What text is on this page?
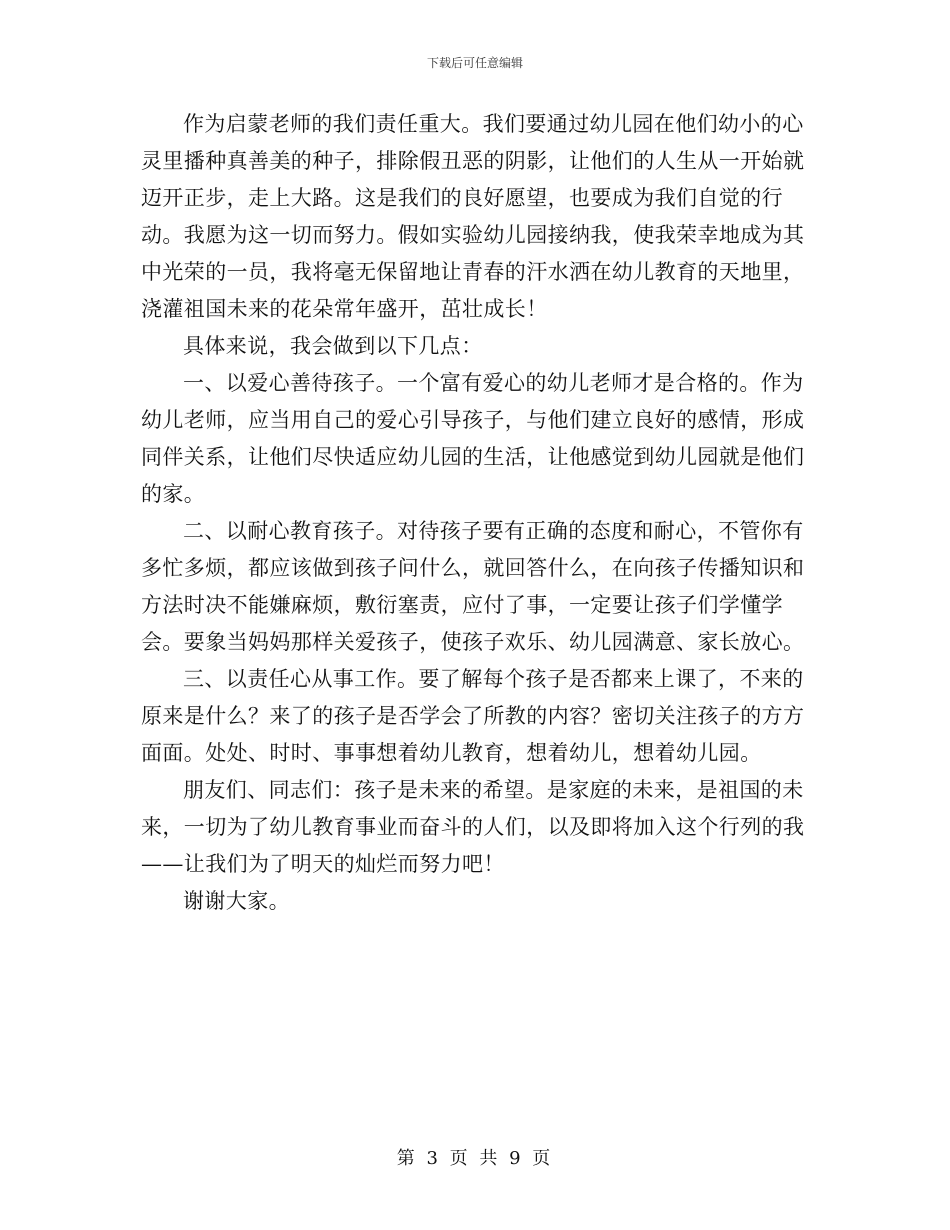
下载后可任意编辑

作为启蒙老师的我们责任重大。我们要通过幼儿园在他们幼小的心灵里播种真善美的种子，排除假丑恶的阴影，让他们的人生从一开始就迈开正步，走上大路。这是我们的良好愿望，也要成为我们自觉的行动。我愿为这一切而努力。假如实验幼儿园接纳我，使我荣幸地成为其中光荣的一员，我将毫无保留地让青春的汗水洒在幼儿教育的天地里，浇灌祖国未来的花朵常年盛开，茁壮成长！

具体来说，我会做到以下几点：

一、以爱心善待孩子。一个富有爱心的幼儿老师才是合格的。作为幼儿老师，应当用自己的爱心引导孩子，与他们建立良好的感情，形成同伴关系，让他们尽快适应幼儿园的生活，让他感觉到幼儿园就是他们的家。

二、以耐心教育孩子。对待孩子要有正确的态度和耐心，不管你有多忙多烦，都应该做到孩子问什么，就回答什么，在向孩子传播知识和方法时决不能嫌麻烦，敷衍塞责，应付了事，一定要让孩子们学懂学会。要象当妈妈那样关爱孩子，使孩子欢乐、幼儿园满意、家长放心。

三、以责任心从事工作。要了解每个孩子是否都来上课了，不来的原来是什么？来了的孩子是否学会了所教的内容？密切关注孩子的方方面面。处处、时时、事事想着幼儿教育，想着幼儿，想着幼儿园。

朋友们、同志们：孩子是未来的希望。是家庭的未来，是祖国的未来，一切为了幼儿教育事业而奋斗的人们，以及即将加入这个行列的我——让我们为了明天的灿烂而努力吧！

谢谢大家。

第 3 页 共 9 页
